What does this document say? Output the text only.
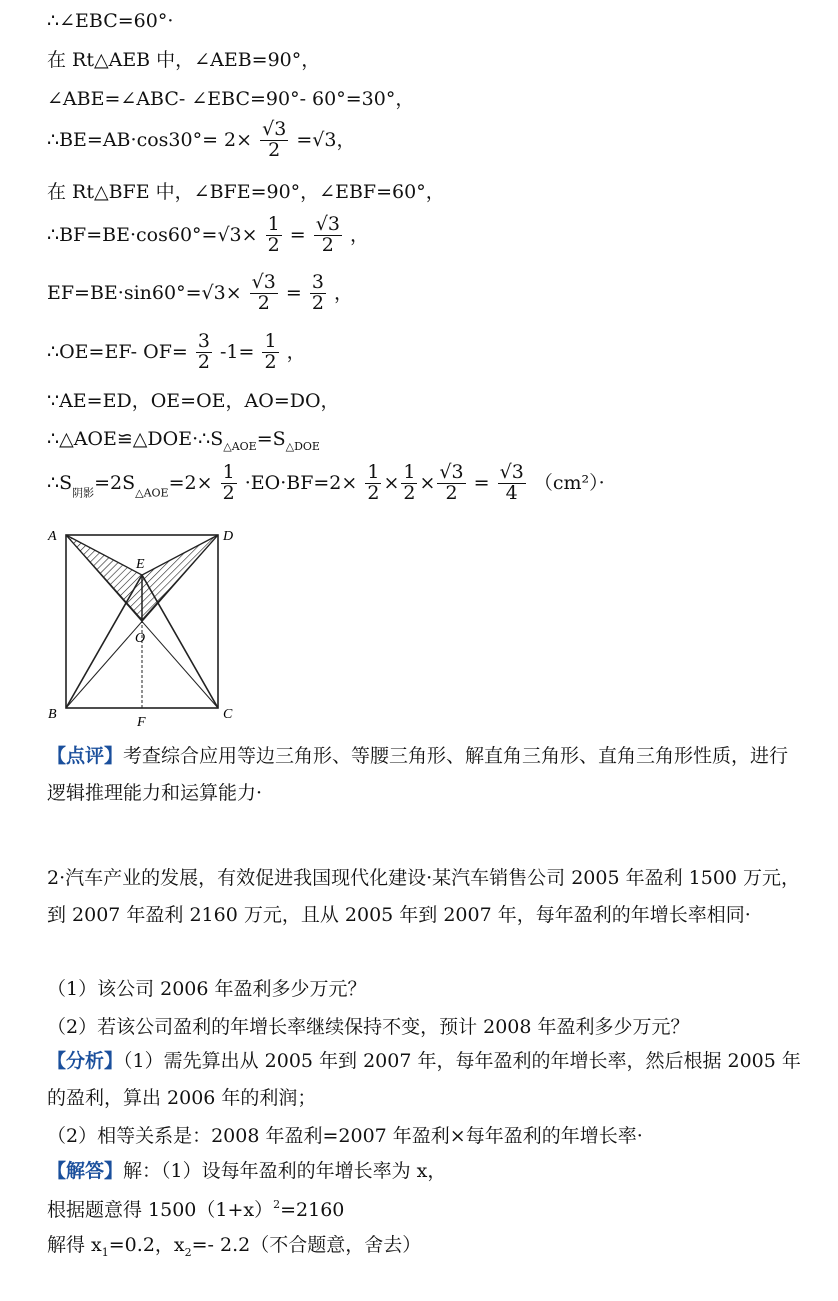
∴∠EBC=60°·
在 Rt△AEB 中，∠AEB=90°，
∠ABE=∠ABC- ∠EBC=90°- 60°=30°，
∴BE=AB·cos30°= $2\times \frac{√3}{2} =√3$，
在 Rt△BFE 中，∠BFE=90°，∠EBF=60°，
∴BF=BE·cos60°=√3× $\frac{1}{2} = \frac{√3}{2}$ ，
$EF=BE\cdot\sin 60^\circ=√3\times \frac{√3}{2} = \frac{3}{2}$ ，
∴OE=EF- $OF= \frac{3}{2} -1= \frac{1}{2}$ ，
∵AE=ED，OE=OE，AO=DO，
$\therefore\triangle AOE≌\triangle DOE\cdot\therefore S_{\triangle AOE}=S_{\triangle DOE}$
$\therefore S_{阴影}=2S_{\triangle AOE}=2\times \frac{1}{2} \cdot EO\cdot BF=2\times \frac{1}{2} \times \frac{1}{2} \times \frac{√3}{2} = \frac{√3}{4} (cm^2)\cdot$
A	D
E
O
B
F
C
【点评】考查综合应用等边三角形、等腰三角形、解直角三角形、直角三角形性质，进行逻辑推理能力和运算能力·
2·汽车产业的发展，有效促进我国现代化建设·某汽车销售公司 2005 年盈利 1500 万元，到 2007 年盈利 2160 万元，且从 2005 年到 2007 年，每年盈利的年增长率相同·
（1）该公司 2006 年盈利多少万元？
（2）若该公司盈利的年增长率继续保持不变，预计 2008 年盈利多少万元？
【分析】（1）需先算出从 2005 年到 2007 年，每年盈利的年增长率，然后根据 2005 年的盈利，算出 2006 年的利润；
（2）相等关系是：2008 年盈利=2007 年盈利×每年盈利的年增长率·
【解答】解：（1）设每年盈利的年增长率为 x，
根据题意得 $1500(1+x)^2=2160$
解得 $x_1=0.2$，$x_2=-$ 2.2（不合题意，舍去）
